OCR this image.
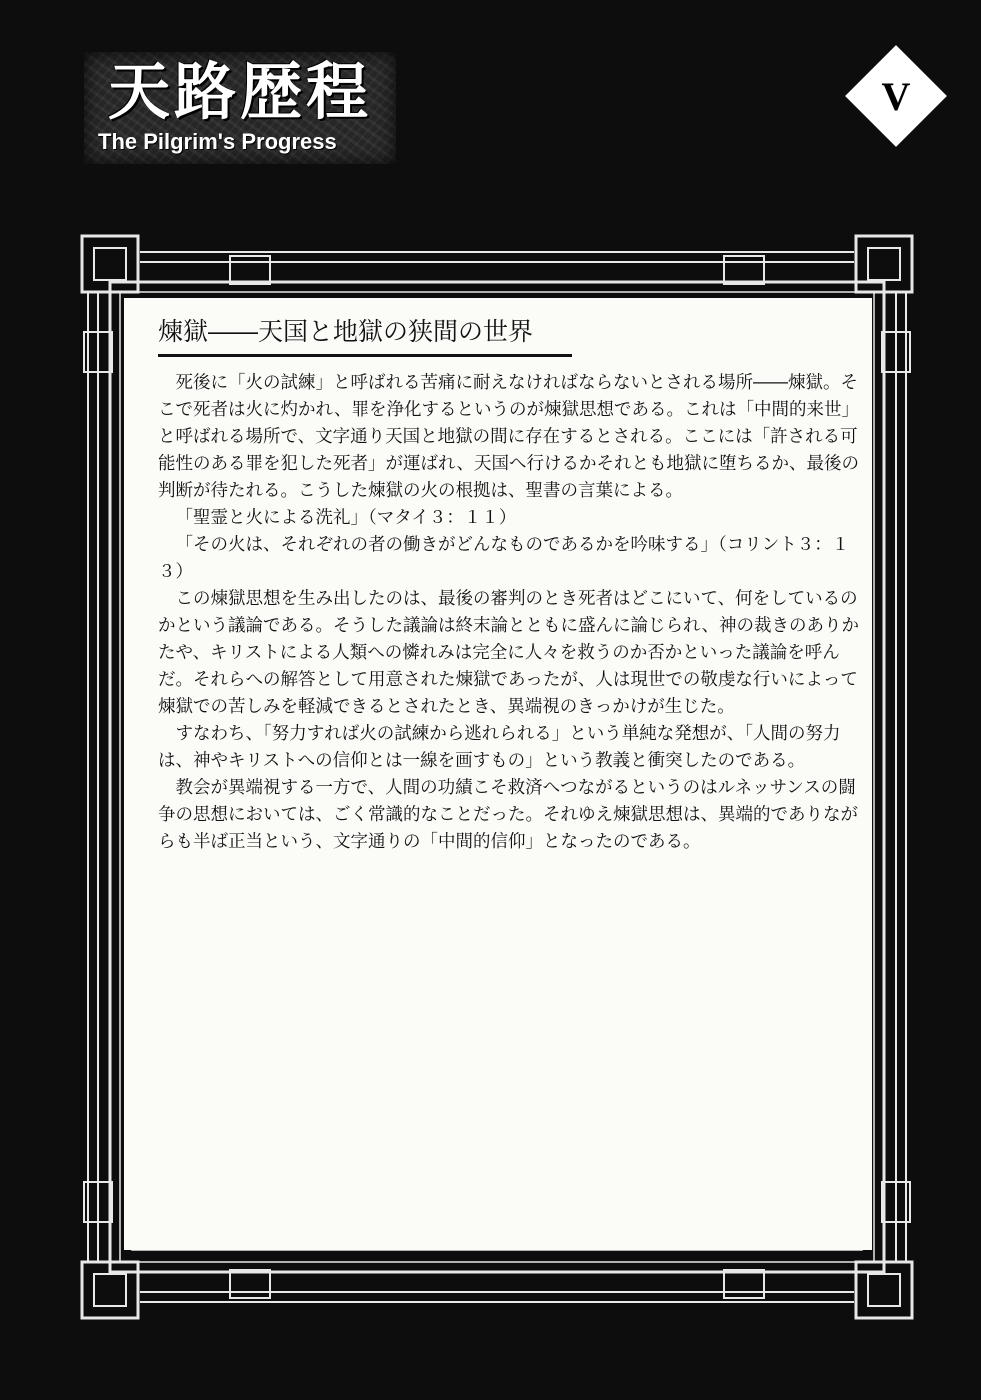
天路歴程
The Pilgrim's Progress
V
煉獄――天国と地獄の狭間の世界

死後に「火の試練」と呼ばれる苦痛に耐えなければならないとされる場所――煉獄。そこで死者は火に灼かれ、罪を浄化するというのが煉獄思想である。これは「中間的来世」と呼ばれる場所で、文字通り天国と地獄の間に存在するとされる。ここには「許される可能性のある罪を犯した死者」が運ばれ、天国へ行けるかそれとも地獄に堕ちるか、最後の判断が待たれる。こうした煉獄の火の根拠は、聖書の言葉による。

「聖霊と火による洗礼」（マタイ３：１１）

「その火は、それぞれの者の働きがどんなものであるかを吟味する」（コリント３：１３）

この煉獄思想を生み出したのは、最後の審判のとき死者はどこにいて、何をしているのかという議論である。そうした議論は終末論とともに盛んに論じられ、神の裁きのありかたや、キリストによる人類への憐れみは完全に人々を救うのか否かといった議論を呼んだ。それらへの解答として用意された煉獄であったが、人は現世での敬虔な行いによって煉獄での苦しみを軽減できるとされたとき、異端視のきっかけが生じた。

すなわち、「努力すれば火の試練から逃れられる」という単純な発想が、「人間の努力は、神やキリストへの信仰とは一線を画すもの」という教義と衝突したのである。

教会が異端視する一方で、人間の功績こそ救済へつながるというのはルネッサンスの闘争の思想においては、ごく常識的なことだった。それゆえ煉獄思想は、異端的でありながらも半ば正当という、文字通りの「中間的信仰」となったのである。
